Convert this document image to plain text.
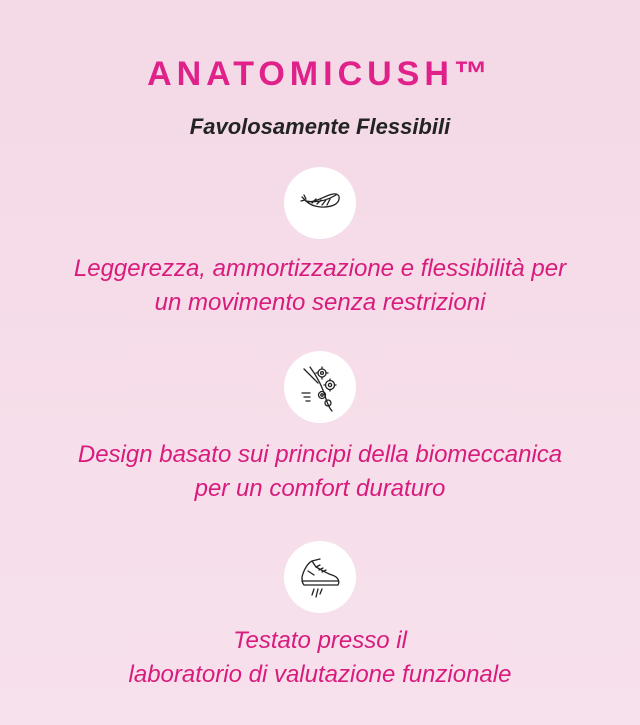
ANATOMICUSH™
Favolosamente Flessibili
Leggerezza, ammortizzazione e flessibilità per
un movimento senza restrizioni
Design basato sui principi della biomeccanica
per un comfort duraturo
Testato presso il
laboratorio di valutazione funzionale
